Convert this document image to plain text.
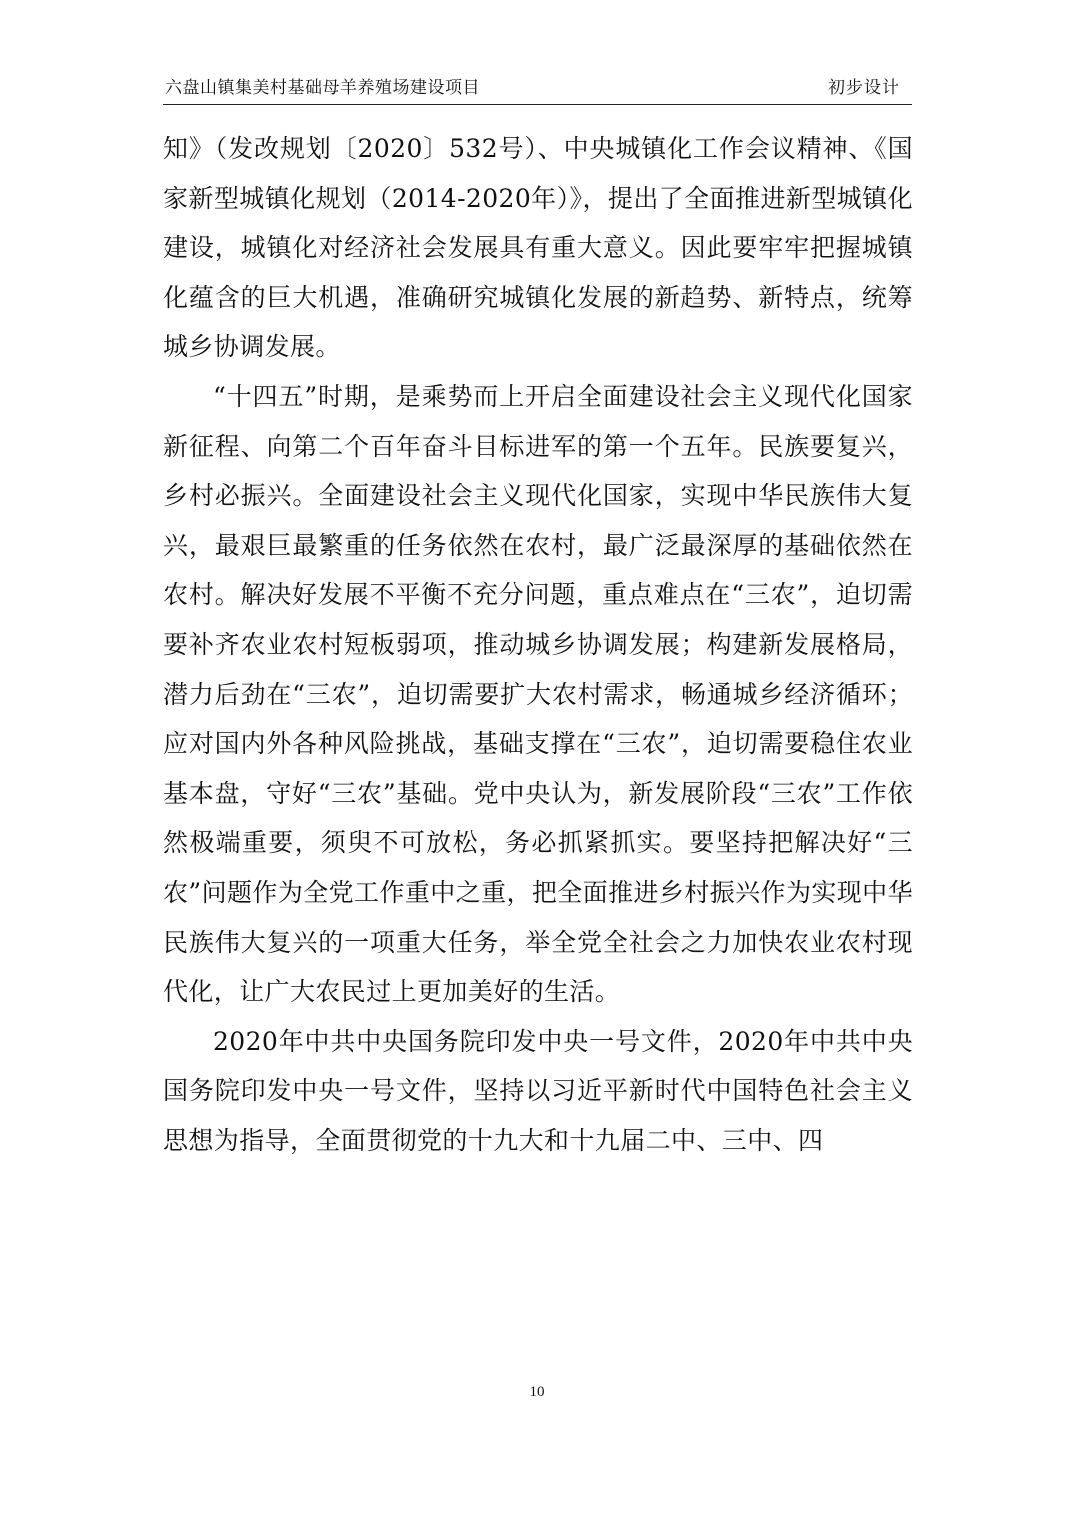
六盘山镇集美村基础母羊养殖场建设项目	初步设计

知》（发改规划〔2020〕532号）、中央城镇化工作会议精神、《国家新型城镇化规划（2014-2020年）》，提出了全面推进新型城镇化建设，城镇化对经济社会发展具有重大意义。因此要牢牢把握城镇化蕴含的巨大机遇，准确研究城镇化发展的新趋势、新特点，统筹城乡协调发展。

“十四五”时期，是乘势而上开启全面建设社会主义现代化国家新征程、向第二个百年奋斗目标进军的第一个五年。民族要复兴，乡村必振兴。全面建设社会主义现代化国家，实现中华民族伟大复兴，最艰巨最繁重的任务依然在农村，最广泛最深厚的基础依然在农村。解决好发展不平衡不充分问题，重点难点在“三农”，迫切需要补齐农业农村短板弱项，推动城乡协调发展；构建新发展格局，潜力后劲在“三农”，迫切需要扩大农村需求，畅通城乡经济循环；应对国内外各种风险挑战，基础支撑在“三农”，迫切需要稳住农业基本盘，守好“三农”基础。党中央认为，新发展阶段“三农”工作依然极端重要，须臾不可放松，务必抓紧抓实。要坚持把解决好“三农”问题作为全党工作重中之重，把全面推进乡村振兴作为实现中华民族伟大复兴的一项重大任务，举全党全社会之力加快农业农村现代化，让广大农民过上更加美好的生活。

2020年中共中央国务院印发中央一号文件，2020年中共中央国务院印发中央一号文件，坚持以习近平新时代中国特色社会主义思想为指导，全面贯彻党的十九大和十九届二中、三中、四

10
